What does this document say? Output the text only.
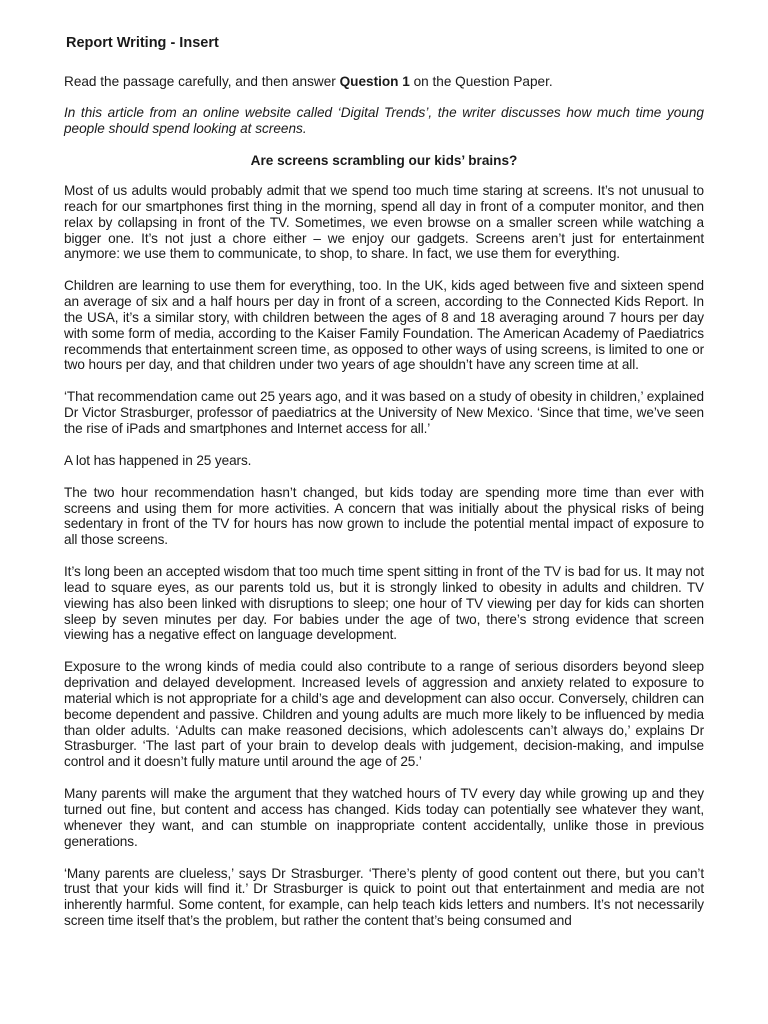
Report Writing - Insert

Read the passage carefully, and then answer Question 1 on the Question Paper.

In this article from an online website called ‘Digital Trends’, the writer discusses how much time young people should spend looking at screens.

Are screens scrambling our kids’ brains?

Most of us adults would probably admit that we spend too much time staring at screens. It’s not unusual to reach for our smartphones first thing in the morning, spend all day in front of a computer monitor, and then relax by collapsing in front of the TV. Sometimes, we even browse on a smaller screen while watching a bigger one. It’s not just a chore either – we enjoy our gadgets. Screens aren’t just for entertainment anymore: we use them to communicate, to shop, to share. In fact, we use them for everything.

Children are learning to use them for everything, too. In the UK, kids aged between five and sixteen spend an average of six and a half hours per day in front of a screen, according to the Connected Kids Report. In the USA, it’s a similar story, with children between the ages of 8 and 18 averaging around 7 hours per day with some form of media, according to the Kaiser Family Foundation. The American Academy of Paediatrics recommends that entertainment screen time, as opposed to other ways of using screens, is limited to one or two hours per day, and that children under two years of age shouldn’t have any screen time at all.

‘That recommendation came out 25 years ago, and it was based on a study of obesity in children,’ explained Dr Victor Strasburger, professor of paediatrics at the University of New Mexico. ‘Since that time, we’ve seen the rise of iPads and smartphones and Internet access for all.’

A lot has happened in 25 years.

The two hour recommendation hasn’t changed, but kids today are spending more time than ever with screens and using them for more activities. A concern that was initially about the physical risks of being sedentary in front of the TV for hours has now grown to include the potential mental impact of exposure to all those screens.

It’s long been an accepted wisdom that too much time spent sitting in front of the TV is bad for us. It may not lead to square eyes, as our parents told us, but it is strongly linked to obesity in adults and children. TV viewing has also been linked with disruptions to sleep; one hour of TV viewing per day for kids can shorten sleep by seven minutes per day. For babies under the age of two, there’s strong evidence that screen viewing has a negative effect on language development.

Exposure to the wrong kinds of media could also contribute to a range of serious disorders beyond sleep deprivation and delayed development. Increased levels of aggression and anxiety related to exposure to material which is not appropriate for a child’s age and development can also occur. Conversely, children can become dependent and passive. Children and young adults are much more likely to be influenced by media than older adults. ‘Adults can make reasoned decisions, which adolescents can’t always do,’ explains Dr Strasburger. ‘The last part of your brain to develop deals with judgement, decision-making, and impulse control and it doesn’t fully mature until around the age of 25.’

Many parents will make the argument that they watched hours of TV every day while growing up and they turned out fine, but content and access has changed. Kids today can potentially see whatever they want, whenever they want, and can stumble on inappropriate content accidentally, unlike those in previous generations.

‘Many parents are clueless,’ says Dr Strasburger. ‘There’s plenty of good content out there, but you can’t trust that your kids will find it.’ Dr Strasburger is quick to point out that entertainment and media are not inherently harmful. Some content, for example, can help teach kids letters and numbers. It’s not necessarily screen time itself that’s the problem, but rather the content that’s being consumed and
